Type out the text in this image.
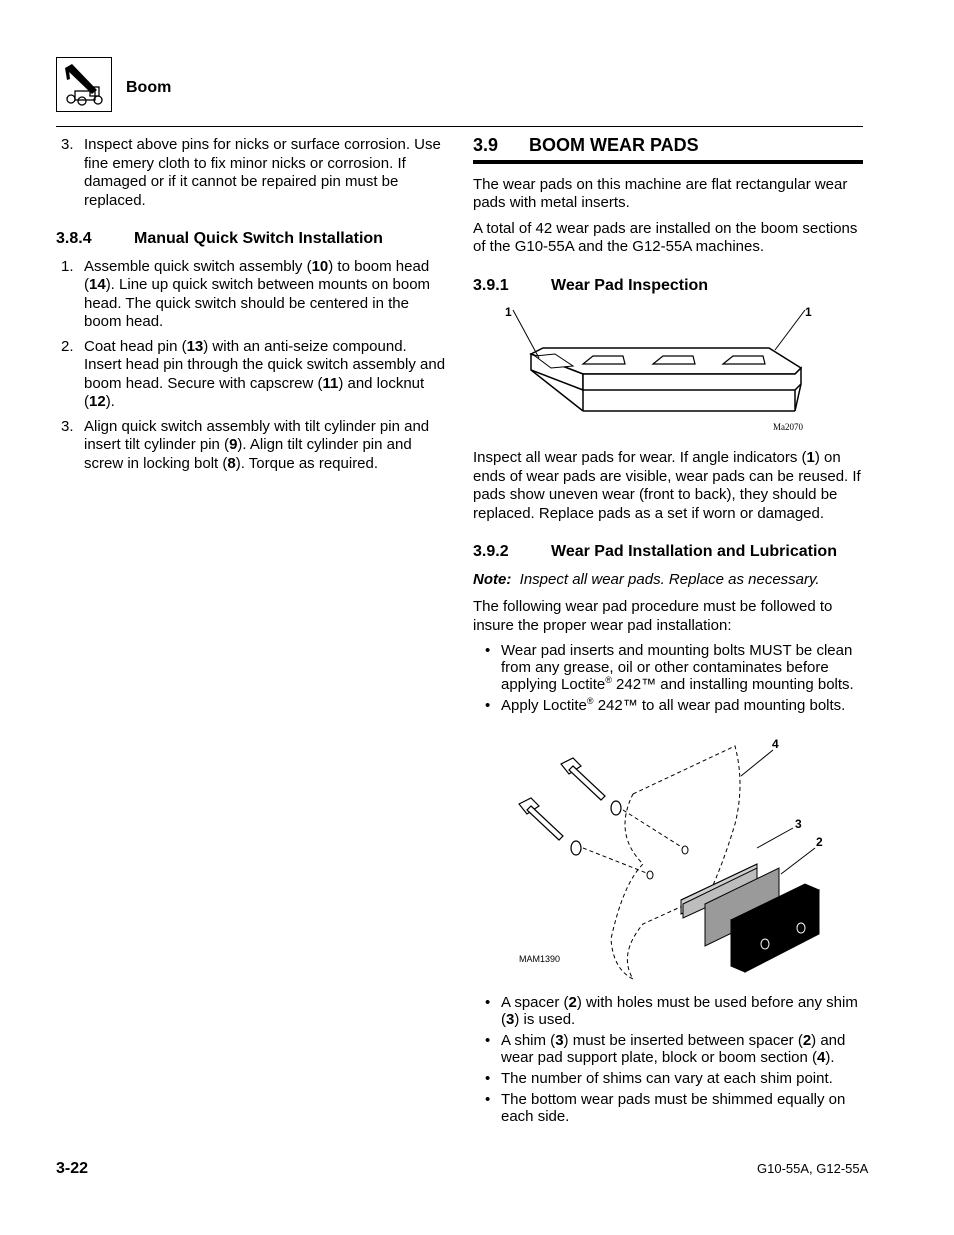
Boom
3. Inspect above pins for nicks or surface corrosion. Use fine emery cloth to fix minor nicks or corrosion. If damaged or if it cannot be repaired pin must be replaced.
3.8.4	Manual Quick Switch Installation
1. Assemble quick switch assembly (10) to boom head (14). Line up quick switch between mounts on boom head. The quick switch should be centered in the boom head.
2. Coat head pin (13) with an anti-seize compound. Insert head pin through the quick switch assembly and boom head. Secure with capscrew (11) and locknut (12).
3. Align quick switch assembly with tilt cylinder pin and insert tilt cylinder pin (9). Align tilt cylinder pin and screw in locking bolt (8). Torque as required.
3.9	BOOM WEAR PADS

The wear pads on this machine are flat rectangular wear pads with metal inserts.

A total of 42 wear pads are installed on the boom sections of the G10-55A and the G12-55A machines.

3.9.1	Wear Pad Inspection
1	1
Ma2070

Inspect all wear pads for wear. If angle indicators (1) on ends of wear pads are visible, wear pads can be reused. If pads show uneven wear (front to back), they should be replaced. Replace pads as a set if worn or damaged.

3.9.2	Wear Pad Installation and Lubrication

Note: Inspect all wear pads. Replace as necessary.

The following wear pad procedure must be followed to insure the proper wear pad installation:

• Wear pad inserts and mounting bolts MUST be clean from any grease, oil or other contaminates before applying Loctite® 242™ and installing mounting bolts.
• Apply Loctite® 242™ to all wear pad mounting bolts.
4
3
2
MAM1390
• A spacer (2) with holes must be used before any shim (3) is used.
• A shim (3) must be inserted between spacer (2) and wear pad support plate, block or boom section (4).
• The number of shims can vary at each shim point.
• The bottom wear pads must be shimmed equally on each side.
3-22	G10-55A, G12-55A
